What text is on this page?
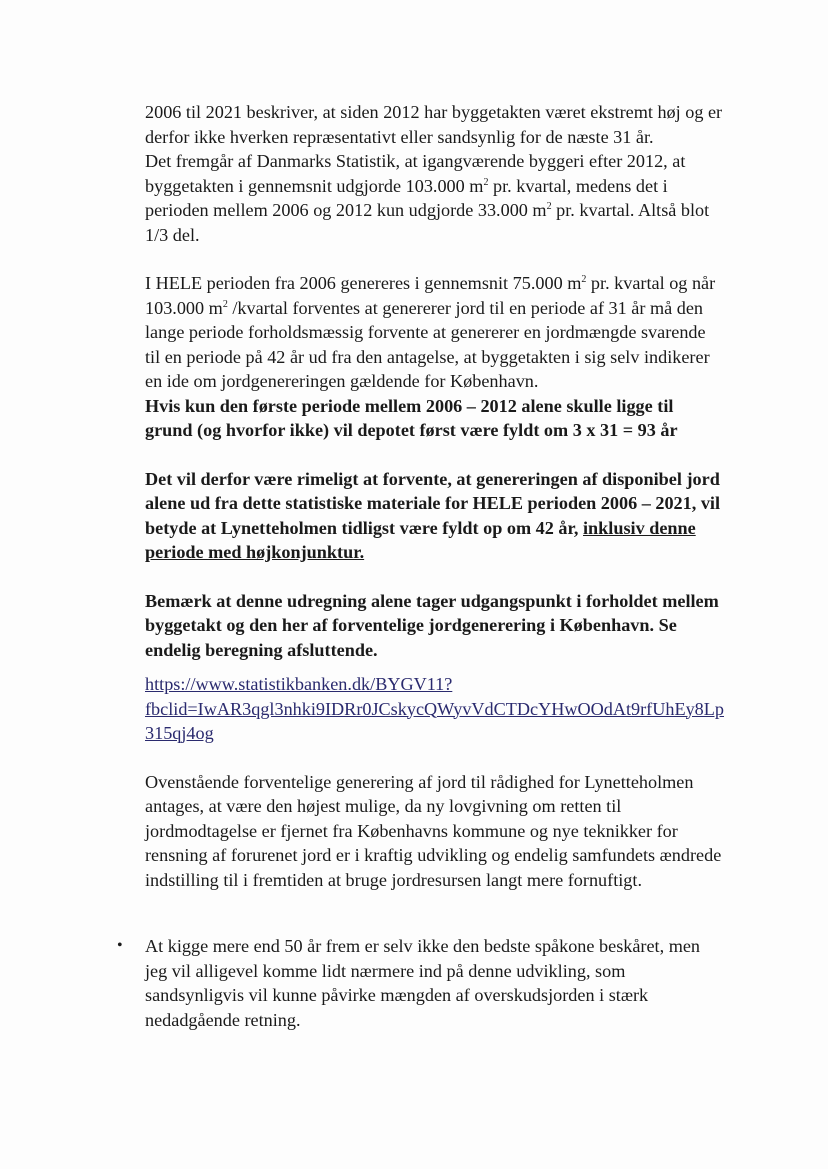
2006 til 2021 beskriver, at siden 2012 har byggetakten været ekstremt høj og er

derfor ikke hverken repræsentativt eller sandsynlig for de næste 31 år.

Det fremgår af Danmarks Statistik, at igangværende byggeri efter 2012, at

byggetakten i gennemsnit udgjorde 103.000 $m^2$ pr. kvartal, medens det i

perioden mellem 2006 og 2012 kun udgjorde 33.000 $m^2$ pr. kvartal. Altså blot

1/3 del.

I HELE perioden fra 2006 genereres i gennemsnit 75.000 $m^2$ pr. kvartal og når

103.000 $m^2$ /kvartal forventes at genererer jord til en periode af 31 år må den

lange periode forholdsmæssig forvente at genererer en jordmængde svarende

til en periode på 42 år ud fra den antagelse, at byggetakten i sig selv indikerer

en ide om jordgenereringen gældende for København.

Hvis kun den første periode mellem 2006 – 2012 alene skulle ligge til

grund (og hvorfor ikke) vil depotet først være fyldt om 3 x 31 = 93 år

Det vil derfor være rimeligt at forvente, at genereringen af disponibel jord

alene ud fra dette statistiske materiale for HELE perioden 2006 – 2021, vil

betyde at Lynetteholmen tidligst være fyldt op om 42 år, inklusiv denne

periode med højkonjunktur.

Bemærk at denne udregning alene tager udgangspunkt i forholdet mellem

byggetakt og den her af forventelige jordgenerering i København. Se

endelig beregning afsluttende.

https://www.statistikbanken.dk/BYGV11?
fbclid=IwAR3qgl3nhki9IDRr0JCskycQWyvVdCTDcYHwOOdAt9rfUhEy8Lp
315qj4og

Ovenstående forventelige generering af jord til rådighed for Lynetteholmen

antages, at være den højest mulige, da ny lovgivning om retten til

jordmodtagelse er fjernet fra Københavns kommune og nye teknikker for

rensning af forurenet jord er i kraftig udvikling og endelig samfundets ændrede

indstilling til i fremtiden at bruge jordresursen langt mere fornuftigt.

• At kigge mere end 50 år frem er selv ikke den bedste spåkone beskåret, men

jeg vil alligevel komme lidt nærmere ind på denne udvikling, som

sandsynligvis vil kunne påvirke mængden af overskudsjorden i stærk

nedadgående retning.
